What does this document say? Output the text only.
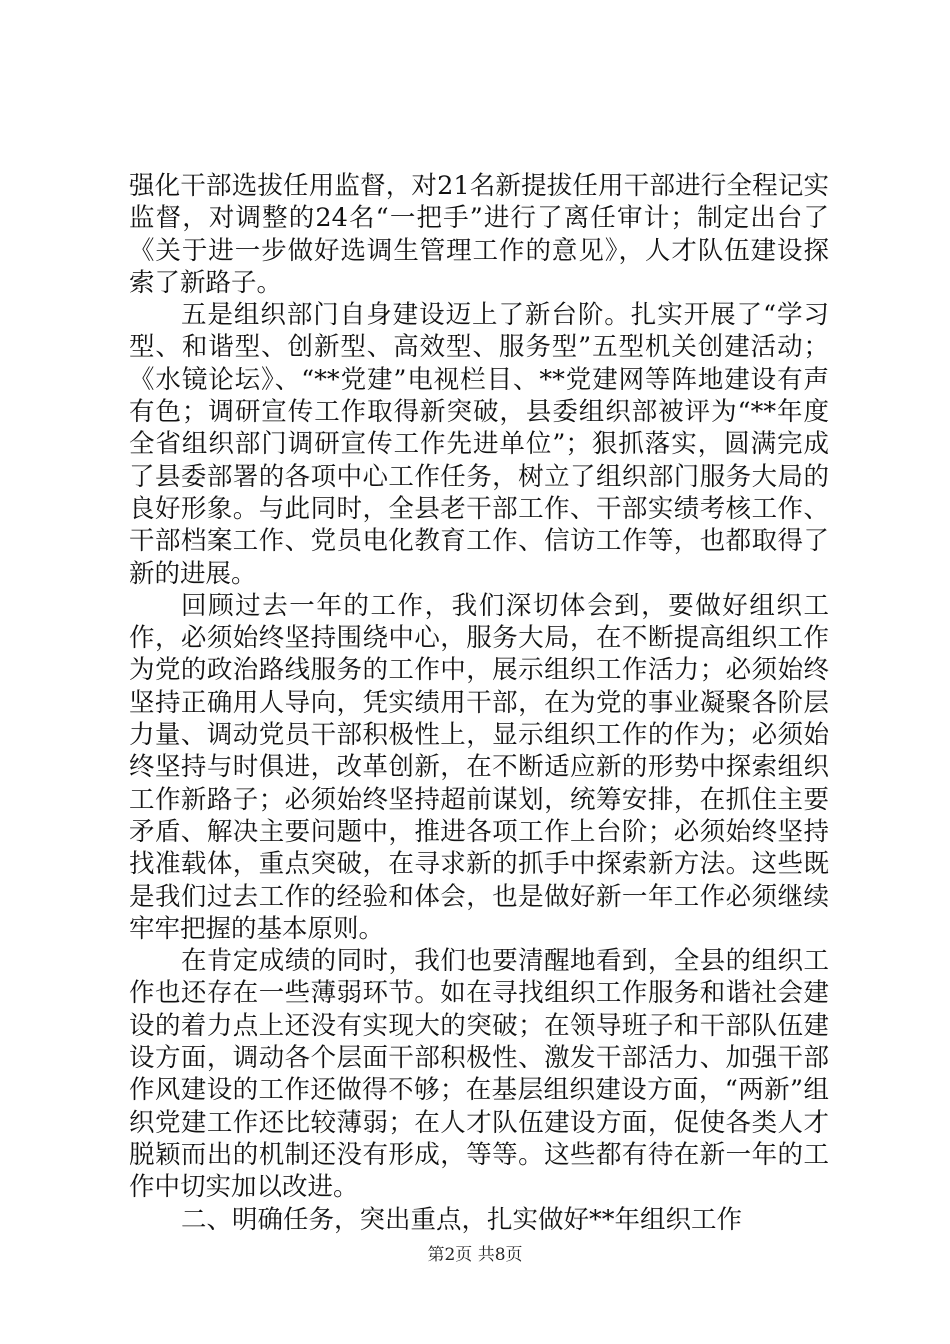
强化干部选拔任用监督，对21名新提拔任用干部进行全程记实监督，对调整的24名“一把手”进行了离任审计；制定出台了《关于进一步做好选调生管理工作的意见》，人才队伍建设探索了新路子。

五是组织部门自身建设迈上了新台阶。扎实开展了“学习型、和谐型、创新型、高效型、服务型”五型机关创建活动；《水镜论坛》、“**党建”电视栏目、**党建网等阵地建设有声有色；调研宣传工作取得新突破，县委组织部被评为“**年度全省组织部门调研宣传工作先进单位”；狠抓落实，圆满完成了县委部署的各项中心工作任务，树立了组织部门服务大局的良好形象。与此同时，全县老干部工作、干部实绩考核工作、干部档案工作、党员电化教育工作、信访工作等，也都取得了新的进展。

回顾过去一年的工作，我们深切体会到，要做好组织工作，必须始终坚持围绕中心，服务大局，在不断提高组织工作为党的政治路线服务的工作中，展示组织工作活力；必须始终坚持正确用人导向，凭实绩用干部，在为党的事业凝聚各阶层力量、调动党员干部积极性上，显示组织工作的作为；必须始终坚持与时俱进，改革创新，在不断适应新的形势中探索组织工作新路子；必须始终坚持超前谋划，统筹安排，在抓住主要矛盾、解决主要问题中，推进各项工作上台阶；必须始终坚持找准载体，重点突破，在寻求新的抓手中探索新方法。这些既是我们过去工作的经验和体会，也是做好新一年工作必须继续牢牢把握的基本原则。

在肯定成绩的同时，我们也要清醒地看到，全县的组织工作也还存在一些薄弱环节。如在寻找组织工作服务和谐社会建设的着力点上还没有实现大的突破；在领导班子和干部队伍建设方面，调动各个层面干部积极性、激发干部活力、加强干部作风建设的工作还做得不够；在基层组织建设方面，“两新”组织党建工作还比较薄弱；在人才队伍建设方面，促使各类人才脱颖而出的机制还没有形成，等等。这些都有待在新一年的工作中切实加以改进。

二、明确任务，突出重点，扎实做好**年组织工作

第2页 共8页
